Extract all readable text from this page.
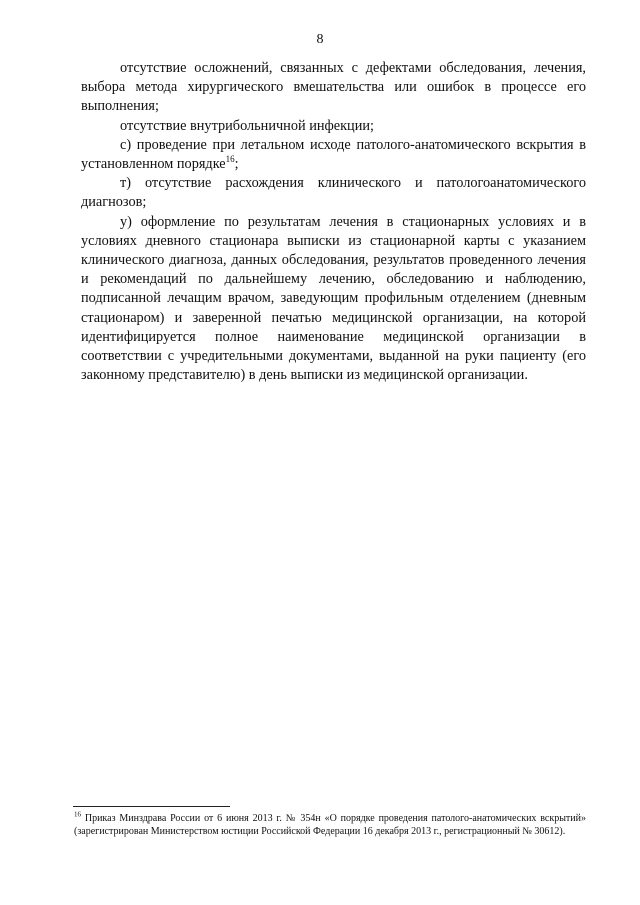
8

отсутствие осложнений, связанных с дефектами обследования, лечения, выбора метода хирургического вмешательства или ошибок в процессе его выполнения;

отсутствие внутрибольничной инфекции;

с) проведение при летальном исходе патолого-анатомического вскрытия в установленном порядке$^{16}$;

т) отсутствие расхождения клинического и патологоанатомического диагнозов;

у) оформление по результатам лечения в стационарных условиях и в условиях дневного стационара выписки из стационарной карты с указанием клинического диагноза, данных обследования, результатов проведенного лечения и рекомендаций по дальнейшему лечению, обследованию и наблюдению, подписанной лечащим врачом, заведующим профильным отделением (дневным стационаром) и заверенной печатью медицинской организации, на которой идентифицируется полное наименование медицинской организации в соответствии с учредительными документами, выданной на руки пациенту (его законному представителю) в день выписки из медицинской организации.

$^{16}$ Приказ Минздрава России от 6 июня 2013 г. № 354н «О порядке проведения патолого-анатомических вскрытий» (зарегистрирован Министерством юстиции Российской Федерации 16 декабря 2013 г., регистрационный № 30612).
